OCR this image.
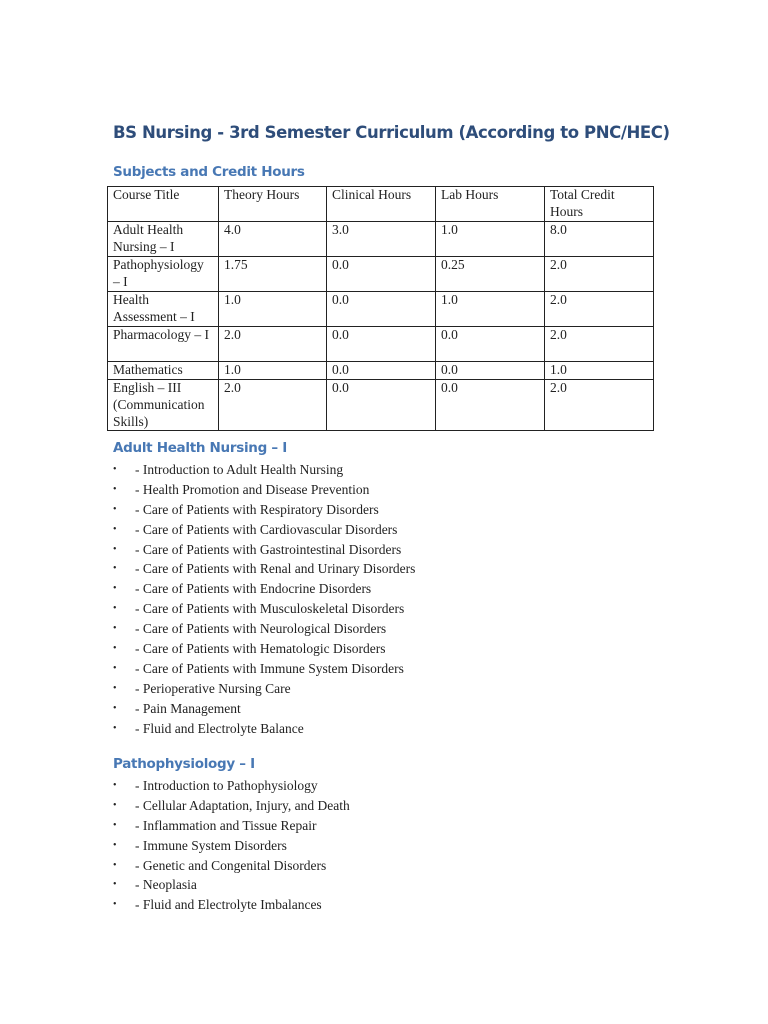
BS Nursing - 3rd Semester Curriculum (According to PNC/HEC)
Subjects and Credit Hours
Course Title	Theory Hours	Clinical Hours	Lab Hours	Total Credit Hours
Adult Health Nursing – I	4.0	3.0	1.0	8.0
Pathophysiology – I	1.75	0.0	0.25	2.0
Health Assessment – I	1.0	0.0	1.0	2.0
Pharmacology – I	2.0	0.0	0.0	2.0
Mathematics	1.0	0.0	0.0	1.0
English – III (Communication Skills)	2.0	0.0	0.0	2.0
Adult Health Nursing – I
• - Introduction to Adult Health Nursing
• - Health Promotion and Disease Prevention
• - Care of Patients with Respiratory Disorders
• - Care of Patients with Cardiovascular Disorders
• - Care of Patients with Gastrointestinal Disorders
• - Care of Patients with Renal and Urinary Disorders
• - Care of Patients with Endocrine Disorders
• - Care of Patients with Musculoskeletal Disorders
• - Care of Patients with Neurological Disorders
• - Care of Patients with Hematologic Disorders
• - Care of Patients with Immune System Disorders
• - Perioperative Nursing Care
• - Pain Management
• - Fluid and Electrolyte Balance
Pathophysiology – I
• - Introduction to Pathophysiology
• - Cellular Adaptation, Injury, and Death
• - Inflammation and Tissue Repair
• - Immune System Disorders
• - Genetic and Congenital Disorders
• - Neoplasia
• - Fluid and Electrolyte Imbalances
